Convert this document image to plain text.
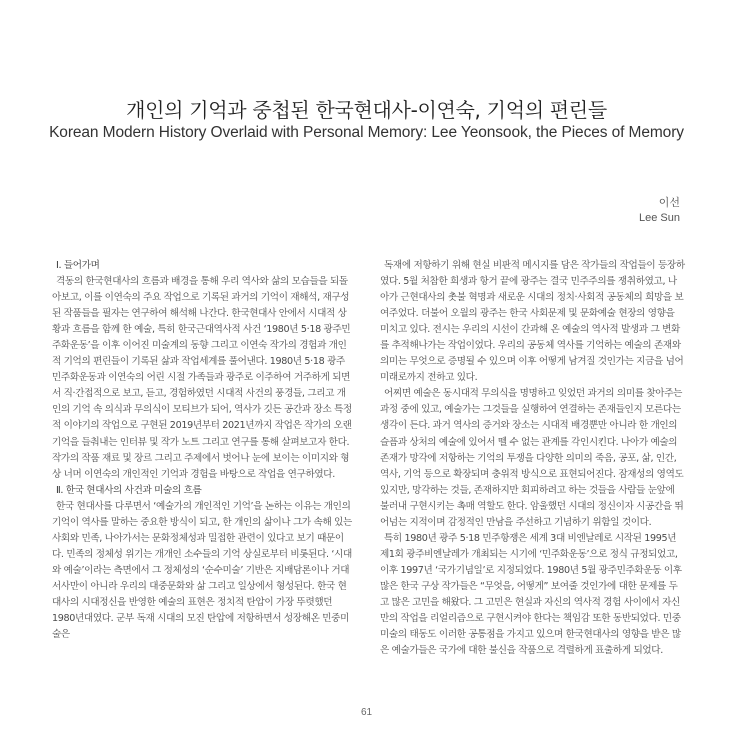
개인의 기억과 중첩된 한국현대사-이연숙, 기억의 편린들
Korean Modern History Overlaid with Personal Memory: Lee Yeonsook, the Pieces of Memory
이선
Lee Sun

Ⅰ. 들어가며

격동의 한국현대사의 흐름과 배경을 통해 우리 역사와 삶의 모습들을 되돌아보고, 이를 이연숙의 주요 작업으로 기록된 과거의 기억이 재해석, 재구성된 작품들을 필자는 연구하여 해석해 나간다. 한국현대사 안에서 시대적 상황과 흐름을 함께 한 예술, 특히 한국근대역사적 사건 ‘1980년 5·18 광주민주화운동’을 이후 이어진 미술계의 동향 그리고 이연숙 작가의 경험과 개인적 기억의 편린들이 기록된 삶과 작업세계를 풀어낸다. 1980년 5·18 광주민주화운동과 이연숙의 어린 시절 가족들과 광주로 이주하여 거주하게 되면서 직·간접적으로 보고, 듣고, 경험하였던 시대적 사건의 풍경들, 그리고 개인의 기억 속 의식과 무의식이 모티브가 되어, 역사가 깃든 공간과 장소 특정적 이야기의 작업으로 구현된 2019년부터 2021년까지 작업은 작가의 오랜 기억을 들춰내는 인터뷰 및 작가 노트 그리고 연구를 통해 살펴보고자 한다. 작가의 작품 재료 및 장르 그리고 주제에서 벗어나 눈에 보이는 이미지와 형상 너머 이연숙의 개인적인 기억과 경험을 바탕으로 작업을 연구하였다.

Ⅱ. 한국 현대사의 사건과 미술의 흐름

한국 현대사를 다루면서 ‘예술가의 개인적인 기억’을 논하는 이유는 개인의 기억이 역사를 말하는 중요한 방식이 되고, 한 개인의 삶이나 그가 속해 있는 사회와 민족, 나아가서는 문화정체성과 밀접한 관련이 있다고 보기 때문이다. 민족의 정체성 위기는 개개인 소수들의 기억 상실로부터 비롯된다. ‘시대와 예술’이라는 측면에서 그 정체성의 ‘순수미술’ 기반은 지배담론이나 거대서사만이 아니라 우리의 대중문화와 삶 그리고 일상에서 형성된다. 한국 현대사의 시대정신을 반영한 예술의 표현은 정치적 탄압이 가장 뚜렷했던 1980년대였다. 군부 독재 시대의 모진 탄압에 저항하면서 성장해온 민중미술은

독재에 저항하기 위해 현실 비판적 메시지를 담은 작가들의 작업들이 등장하였다. 5월 처참한 희생과 항거 끝에 광주는 결국 민주주의를 쟁취하였고, 나아가 근현대사의 촛불 혁명과 새로운 시대의 정치·사회적 공동체의 희망을 보여주었다. 더불어 오월의 광주는 한국 사회문제 및 문화예술 현장의 영향을 미치고 있다. 전시는 우리의 시선이 간과해 온 예술의 역사적 발생과 그 변화를 추적해나가는 작업이었다. 우리의 공동체 역사를 기억하는 예술의 존재와 의미는 무엇으로 증명될 수 있으며 이후 어떻게 남겨질 것인가는 지금을 넘어 미래로까지 전하고 있다.

어찌면 예술은 동시대적 무의식을 명명하고 잊었던 과거의 의미를 찾아주는 과정 중에 있고, 예술가는 그것들을 실행하여 연결하는 존재들인지 모른다는 생각이 든다. 과거 역사의 증거와 장소는 시대적 배경뿐만 아니라 한 개인의 슬픔과 상처의 예술에 있어서 뗄 수 없는 관계를 각인시킨다. 나아가 예술의 존재가 망각에 저항하는 기억의 투쟁을 다양한 의미의 죽음, 공포, 삶, 인간, 역사, 기억 등으로 확장되며 충위적 방식으로 표현되어진다. 잠재성의 영역도 있지만, 망각하는 것들, 존재하지만 회피하려고 하는 것들을 사람들 눈앞에 불러내 구현시키는 촉매 역할도 한다. 암울했던 시대의 정신이자 시공간을 뛰어넘는 지적이며 감정적인 만남을 주선하고 기념하기 위함일 것이다.

특히 1980년 광주 5·18 민주항쟁은 세계 3대 비엔날레로 시작된 1995년 제1회 광주비엔날레가 개최되는 시기에 ‘민주화운동’으로 정식 규정되었고, 이후 1997년 ‘국가기념일’로 지정되었다. 1980년 5월 광주민주화운동 이후 많은 한국 구상 작가들은 “무엇을, 어떻게” 보여줄 것인가에 대한 문제를 두고 많은 고민을 해왔다. 그 고민은 현실과 자신의 역사적 경험 사이에서 자신만의 작업을 리얼리즘으로 구현시켜야 한다는 책임감 또한 동반되었다. 민중미술의 태동도 이러한 공통점을 가지고 있으며 한국현대사의 영향을 받은 많은 예술가들은 국가에 대한 불신을 작품으로 격렬하게 표출하게 되었다.

61
